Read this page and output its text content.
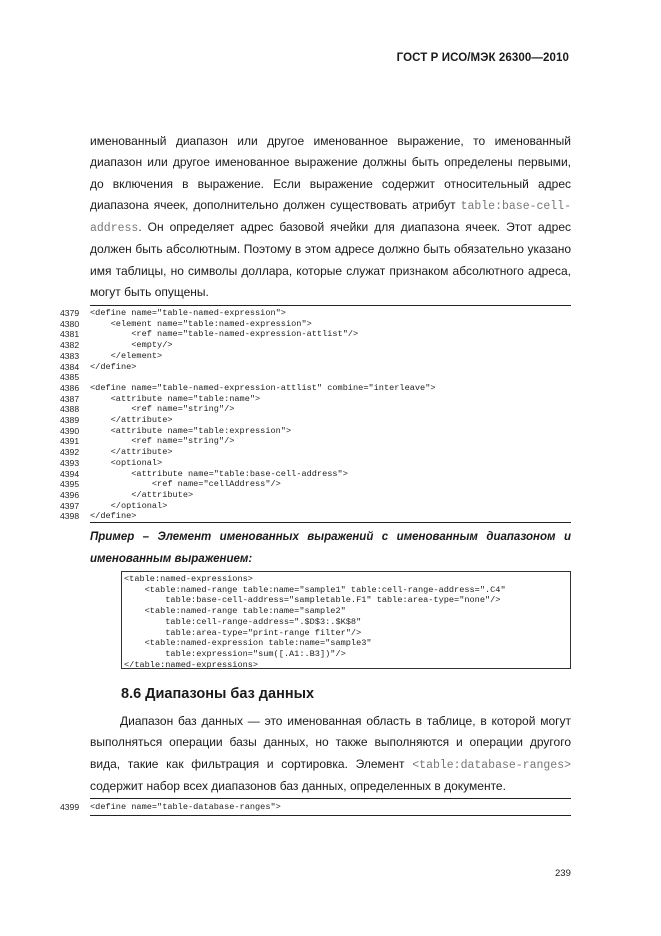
ГОСТ Р ИСО/МЭК 26300—2010

именованный диапазон или другое именованное выражение, то именованный диапазон или другое именованное выражение должны быть определены первыми, до включения в выражение. Если выражение содержит относительный адрес диапазона ячеек, дополнительно должен существовать атрибут table:base-cell-address. Он определяет адрес базовой ячейки для диапазона ячеек. Этот адрес должен быть абсолютным. Поэтому в этом адресе должно быть обязательно указано имя таблицы, но символы доллара, которые служат признаком абсолютного адреса, могут быть опущены.

4379
4380
4381
4382
4383
4384
4385
4386
4387
4388
4389
4390
4391
4392
4393
4394
4395
4396
4397
4398
<define name="table-named-expression">
<element name="table:named-expression">
<ref name="table-named-expression-attlist"/>
<empty/>
</element>
</define>

<define name="table-named-expression-attlist" combine="interleave">
<attribute name="table:name">
<ref name="string"/>
</attribute>
<attribute name="table:expression">
<ref name="string"/>
</attribute>
<optional>
<attribute name="table:base-cell-address">
<ref name="cellAddress"/>
</attribute>
</optional>
</define>
Пример – Элемент именованных выражений с именованным диапазоном и именованным выражением:
<table:named-expressions>
<table:named-range table:name="sample1" table:cell-range-address=".C4"
table:base-cell-address="sampletable.F1" table:area-type="none"/>
<table:named-range table:name="sample2"
table:cell-range-address=".$D$3:.$K$8"
table:area-type="print-range filter"/>
<table:named-expression table:name="sample3"
table:expression="sum([.A1:.B3])"/>
</table:named-expressions>
8.6 Диапазоны баз данных

Диапазон баз данных — это именованная область в таблице, в которой могут выполняться операции базы данных, но также выполняются и операции другого вида, такие как фильтрация и сортировка. Элемент <table:database-ranges> содержит набор всех диапазонов баз данных, определенных в документе.

4399 <define name="table-database-ranges">
239
